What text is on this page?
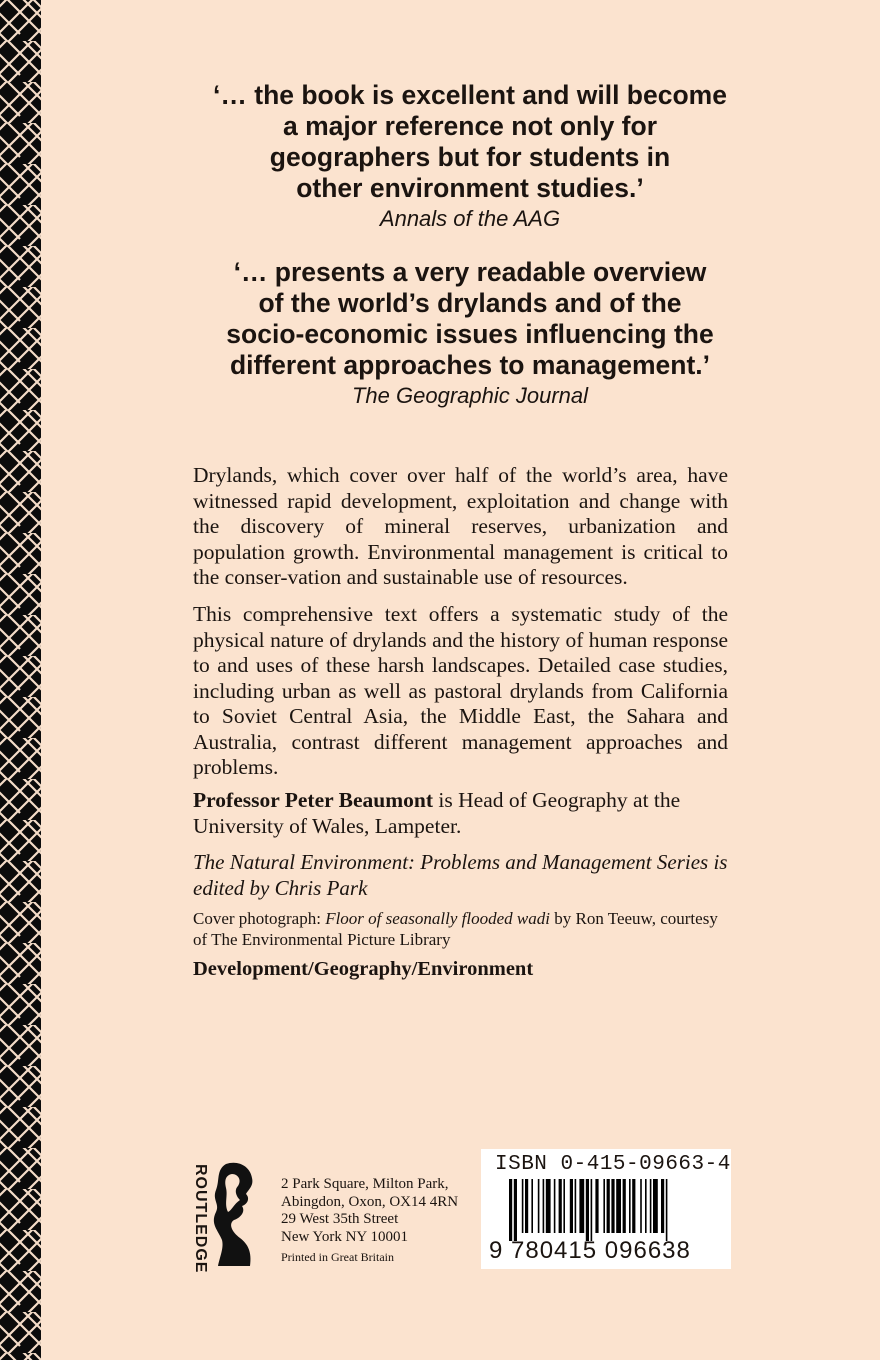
‘… the book is excellent and will become

a major reference not only for

geographers but for students in

other environment studies.’

Annals of the AAG

‘… presents a very readable overview

of the world’s drylands and of the

socio-economic issues influencing the

different approaches to management.’

The Geographic Journal

Drylands, which cover over half of the world’s area, have witnessed rapid development, exploitation and change with the discovery of mineral reserves, urbanization and population growth. Environmental management is critical to the conser-vation and sustainable use of resources.
This comprehensive text offers a systematic study of the physical nature of drylands and the history of human response to and uses of these harsh landscapes. Detailed case studies, including urban as well as pastoral drylands from California to Soviet Central Asia, the Middle East, the Sahara and Australia, contrast different management approaches and problems.
Professor Peter Beaumont is Head of Geography at the University of Wales, Lampeter.
The Natural Environment: Problems and Management Series is edited by Chris Park
Cover photograph: Floor of seasonally flooded wadi by Ron Teeuw, courtesy of The Environmental Picture Library
Development/Geography/Environment
ROUTLEDGE	2 Park Square, Milton Park,
Abingdon, Oxon, OX14 4RN
29 West 35th Street
New York NY 10001
Printed in Great Britain
ISBN 0-415-09663-4
9 780415 096638
